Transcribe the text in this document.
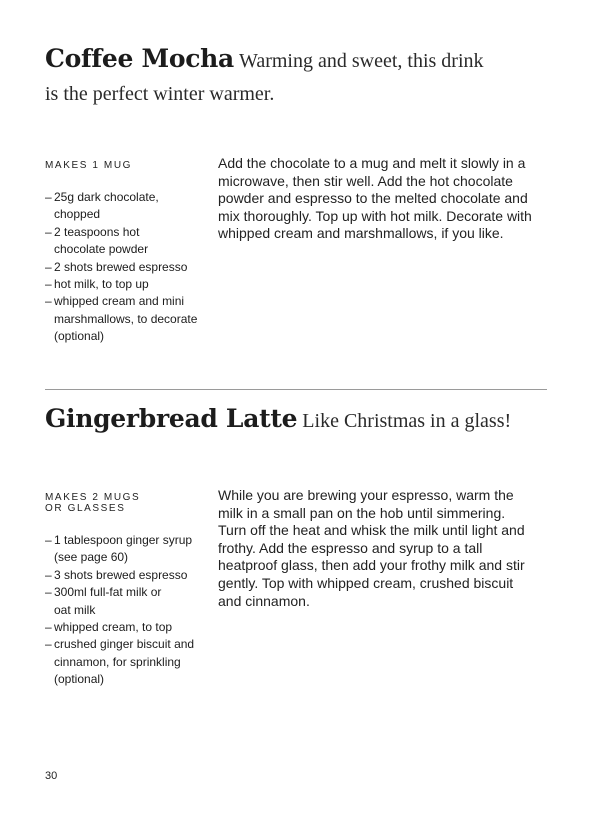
Coffee Mocha Warming and sweet, this drink
is the perfect winter warmer.

MAKES 1 MUG

– 25g dark chocolate,
chopped
– 2 teaspoons hot
chocolate powder
– 2 shots brewed espresso
– hot milk, to top up
– whipped cream and mini
marshmallows, to decorate
(optional)

Add the chocolate to a mug and melt it slowly in a microwave, then stir well. Add the hot chocolate powder and espresso to the melted chocolate and mix thoroughly. Top up with hot milk. Decorate with whipped cream and marshmallows, if you like.

Gingerbread Latte Like Christmas in a glass!

MAKES 2 MUGS
OR GLASSES

– 1 tablespoon ginger syrup
(see page 60)
– 3 shots brewed espresso
– 300ml full-fat milk or
oat milk
– whipped cream, to top
– crushed ginger biscuit and
cinnamon, for sprinkling
(optional)

While you are brewing your espresso, warm the milk in a small pan on the hob until simmering. Turn off the heat and whisk the milk until light and frothy. Add the espresso and syrup to a tall heatproof glass, then add your frothy milk and stir gently. Top with whipped cream, crushed biscuit and cinnamon.

30
